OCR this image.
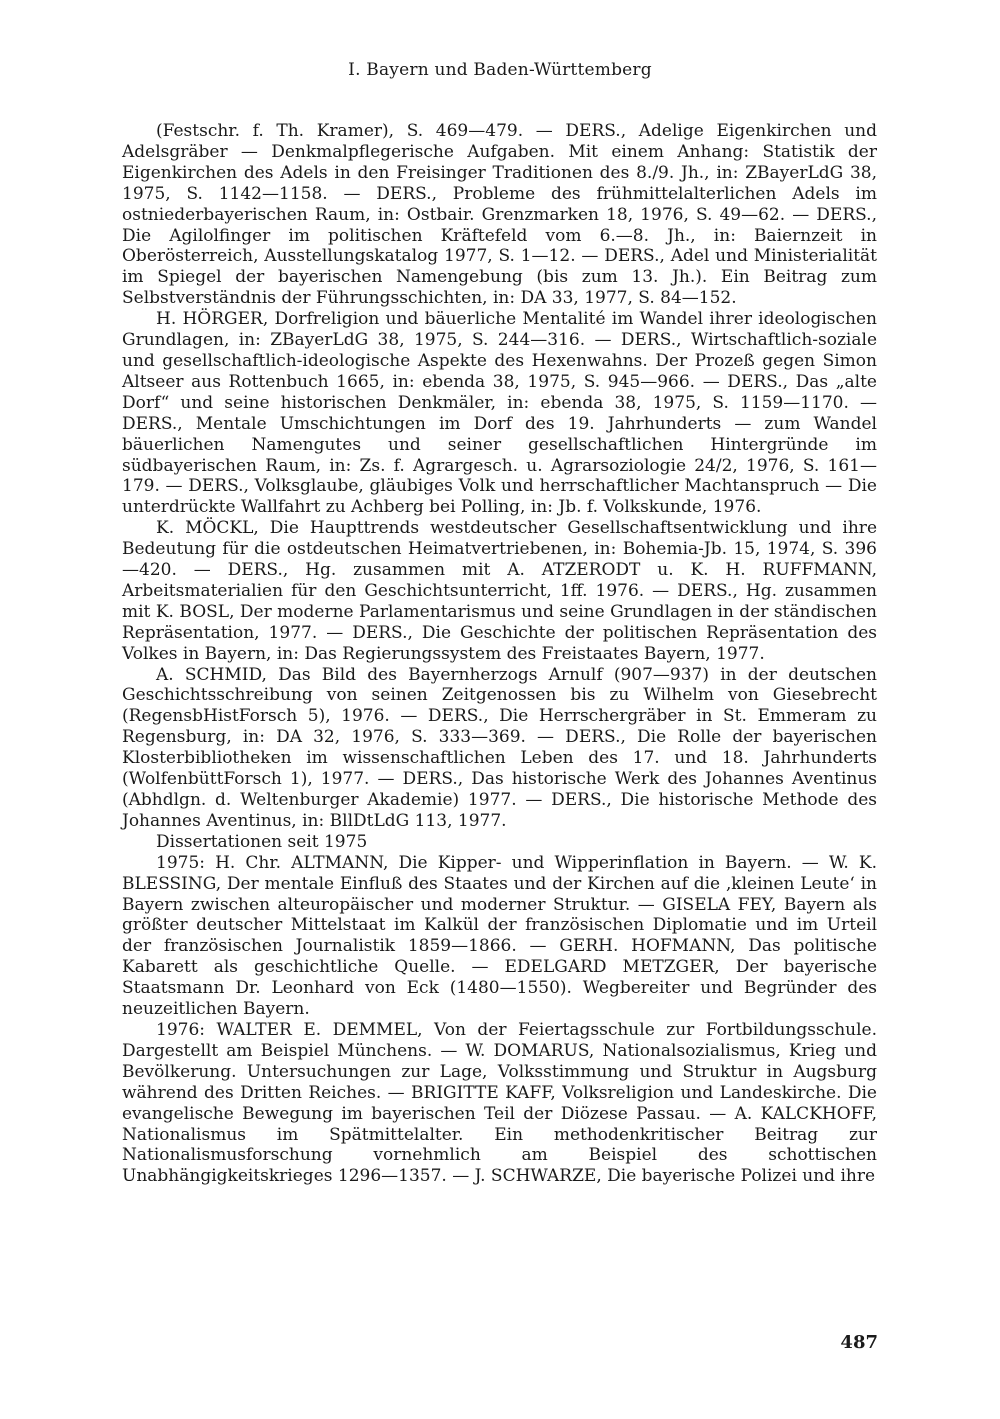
I. Bayern und Baden-Württemberg

(Festschr. f. Th. Kramer), S. 469—479. — DERS., Adelige Eigenkirchen und Adelsgräber — Denkmalpflegerische Aufgaben. Mit einem Anhang: Statistik der Eigenkirchen des Adels in den Freisinger Traditionen des 8./9. Jh., in: ZBayerLdG 38, 1975, S. 1142—1158. — DERS., Probleme des frühmittelalterlichen Adels im ostniederbayerischen Raum, in: Ostbair. Grenzmarken 18, 1976, S. 49—62. — DERS., Die Agilolfinger im politischen Kräftefeld vom 6.—8. Jh., in: Baiernzeit in Oberösterreich, Ausstellungskatalog 1977, S. 1—12. — DERS., Adel und Ministerialität im Spiegel der bayerischen Namengebung (bis zum 13. Jh.). Ein Beitrag zum Selbstverständnis der Führungsschichten, in: DA 33, 1977, S. 84—152.

H. HÖRGER, Dorfreligion und bäuerliche Mentalité im Wandel ihrer ideologischen Grundlagen, in: ZBayerLdG 38, 1975, S. 244—316. — DERS., Wirtschaftlich-soziale und gesellschaftlich-ideologische Aspekte des Hexenwahns. Der Prozeß gegen Simon Altseer aus Rottenbuch 1665, in: ebenda 38, 1975, S. 945—966. — DERS., Das „alte Dorf“ und seine historischen Denkmäler, in: ebenda 38, 1975, S. 1159—1170. — DERS., Mentale Umschichtungen im Dorf des 19. Jahrhunderts — zum Wandel bäuerlichen Namengutes und seiner gesellschaftlichen Hintergründe im südbayerischen Raum, in: Zs. f. Agrargesch. u. Agrarsoziologie 24/2, 1976, S. 161—179. — DERS., Volksglaube, gläubiges Volk und herrschaftlicher Machtanspruch — Die unterdrückte Wallfahrt zu Achberg bei Polling, in: Jb. f. Volkskunde, 1976.

K. MÖCKL, Die Haupttrends westdeutscher Gesellschaftsentwicklung und ihre Bedeutung für die ostdeutschen Heimatvertriebenen, in: Bohemia-Jb. 15, 1974, S. 396—420. — DERS., Hg. zusammen mit A. ATZERODT u. K. H. RUFFMANN, Arbeitsmaterialien für den Geschichtsunterricht, 1ff. 1976. — DERS., Hg. zusammen mit K. BOSL, Der moderne Parlamentarismus und seine Grundlagen in der ständischen Repräsentation, 1977. — DERS., Die Geschichte der politischen Repräsentation des Volkes in Bayern, in: Das Regierungssystem des Freistaates Bayern, 1977.

A. SCHMID, Das Bild des Bayernherzogs Arnulf (907—937) in der deutschen Geschichtsschreibung von seinen Zeitgenossen bis zu Wilhelm von Giesebrecht (RegensbHistForsch 5), 1976. — DERS., Die Herrschergräber in St. Emmeram zu Regensburg, in: DA 32, 1976, S. 333—369. — DERS., Die Rolle der bayerischen Klosterbibliotheken im wissenschaftlichen Leben des 17. und 18. Jahrhunderts (WolfenbüttForsch 1), 1977. — DERS., Das historische Werk des Johannes Aventinus (Abhdlgn. d. Weltenburger Akademie) 1977. — DERS., Die historische Methode des Johannes Aventinus, in: BllDtLdG 113, 1977.

Dissertationen seit 1975

1975: H. Chr. ALTMANN, Die Kipper- und Wipperinflation in Bayern. — W. K. BLESSING, Der mentale Einfluß des Staates und der Kirchen auf die ‚kleinen Leute‘ in Bayern zwischen alteuropäischer und moderner Struktur. — GISELA FEY, Bayern als größter deutscher Mittelstaat im Kalkül der französischen Diplomatie und im Urteil der französischen Journalistik 1859—1866. — GERH. HOFMANN, Das politische Kabarett als geschichtliche Quelle. — EDELGARD METZGER, Der bayerische Staatsmann Dr. Leonhard von Eck (1480—1550). Wegbereiter und Begründer des neuzeitlichen Bayern.

1976: WALTER E. DEMMEL, Von der Feiertagsschule zur Fortbildungsschule. Dargestellt am Beispiel Münchens. — W. DOMARUS, Nationalsozialismus, Krieg und Bevölkerung. Untersuchungen zur Lage, Volksstimmung und Struktur in Augsburg während des Dritten Reiches. — BRIGITTE KAFF, Volksreligion und Landeskirche. Die evangelische Bewegung im bayerischen Teil der Diözese Passau. — A. KALCKHOFF, Nationalismus im Spätmittelalter. Ein methodenkritischer Beitrag zur Nationalismusforschung vornehmlich am Beispiel des schottischen Unabhängigkeitskrieges 1296—1357. — J. SCHWARZE, Die bayerische Polizei und ihre

487
